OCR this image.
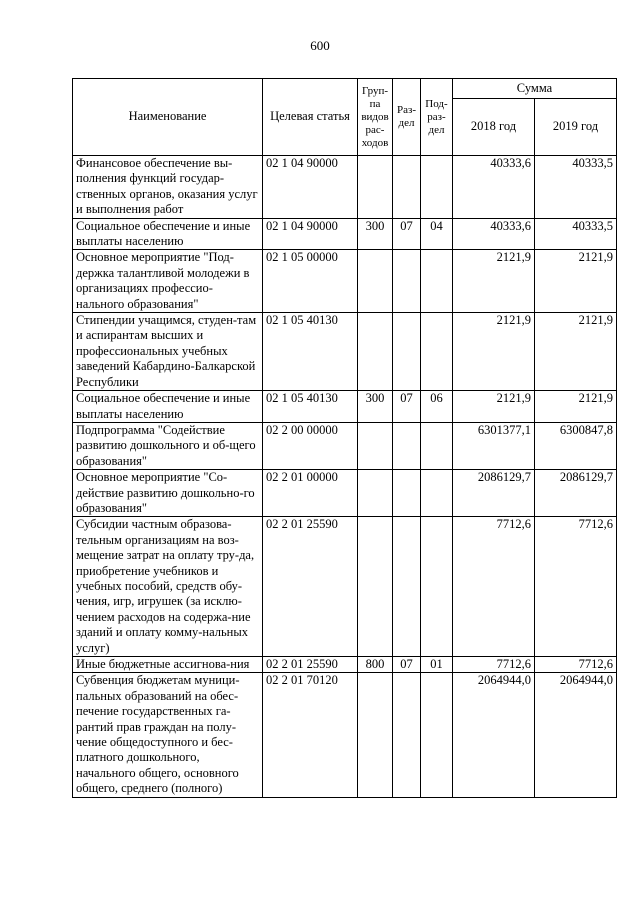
600
Наименование	Целевая статья	Груп-па видов рас-ходов	Раз-дел	Под-раз-дел	Сумма	
					2018 год	2019 год
Финансовое обеспечение вы-полнения функций государ-ственных органов, оказания услуг и выполнения работ	02 1 04 90000				40333,6	40333,5
Социальное обеспечение и иные выплаты населению	02 1 04 90000	300	07	04	40333,6	40333,5
Основное мероприятие "Под-держка талантливой молодежи в организациях профессио-нального образования"	02 1 05 00000				2121,9	2121,9
Стипендии учащимся, студен-там и аспирантам высших и профессиональных учебных заведений Кабардино-Балкарской Республики	02 1 05 40130				2121,9	2121,9
Социальное обеспечение и иные выплаты населению	02 1 05 40130	300	07	06	2121,9	2121,9
Подпрограмма "Содействие развитию дошкольного и об-щего образования"	02 2 00 00000				6301377,1	6300847,8
Основное мероприятие "Со-действие развитию дошкольно-го образования"	02 2 01 00000				2086129,7	2086129,7
Субсидии частным образова-тельным организациям на воз-мещение затрат на оплату тру-да, приобретение учебников и учебных пособий, средств обу-чения, игр, игрушек (за исклю-чением расходов на содержа-ние зданий и оплату комму-нальных услуг)	02 2 01 25590				7712,6	7712,6
Иные бюджетные ассигнова-ния	02 2 01 25590	800	07	01	7712,6	7712,6
Субвенция бюджетам муници-пальных образований на обес-печение государственных га-рантий прав граждан на полу-чение общедоступного и бес-платного дошкольного, начального общего, основного общего, среднего (полного)	02 2 01 70120				2064944,0	2064944,0
